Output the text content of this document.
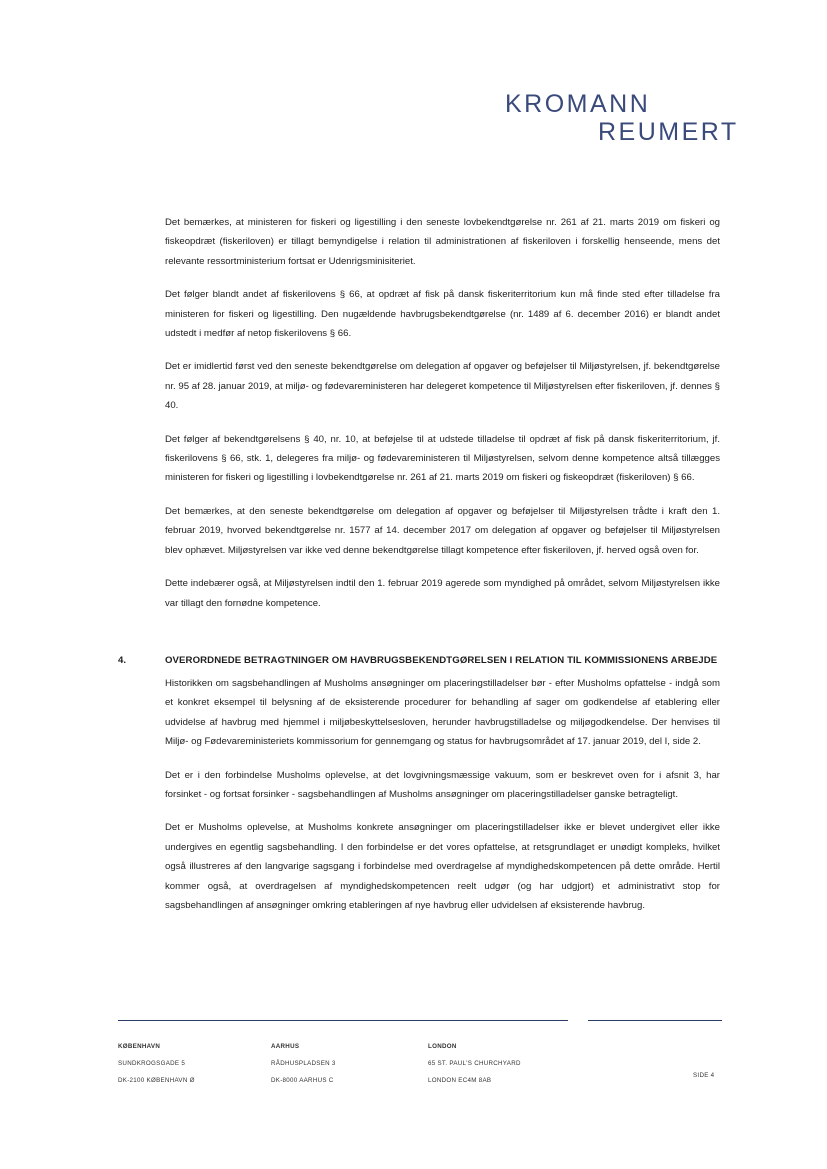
KROMANN
REUMERT

Det bemærkes, at ministeren for fiskeri og ligestilling i den seneste lovbekendtgørelse nr. 261 af 21. marts 2019 om fiskeri og fiskeopdræt (fiskeriloven) er tillagt bemyndigelse i relation til administrationen af fiskeriloven i forskellig henseende, mens det relevante ressortministerium fortsat er Udenrigsminisiteriet.

Det følger blandt andet af fiskerilovens § 66, at opdræt af fisk på dansk fiskeriterritorium kun må finde sted efter tilladelse fra ministeren for fiskeri og ligestilling. Den nugældende havbrugsbekendtgørelse (nr. 1489 af 6. december 2016) er blandt andet udstedt i medfør af netop fiskerilovens § 66.

Det er imidlertid først ved den seneste bekendtgørelse om delegation af opgaver og beføjelser til Miljøstyrelsen, jf. bekendtgørelse nr. 95 af 28. januar 2019, at miljø- og fødevareministeren har delegeret kompetence til Miljøstyrelsen efter fiskeriloven, jf. dennes § 40.

Det følger af bekendtgørelsens § 40, nr. 10, at beføjelse til at udstede tilladelse til opdræt af fisk på dansk fiskeriterritorium, jf. fiskerilovens § 66, stk. 1, delegeres fra miljø- og fødevareministeren til Miljøstyrelsen, selvom denne kompetence altså tillægges ministeren for fiskeri og ligestilling i lovbekendtgørelse nr. 261 af 21. marts 2019 om fiskeri og fiskeopdræt (fiskeriloven) § 66.

Det bemærkes, at den seneste bekendtgørelse om delegation af opgaver og beføjelser til Miljøstyrelsen trådte i kraft den 1. februar 2019, hvorved bekendtgørelse nr. 1577 af 14. december 2017 om delegation af opgaver og beføjelser til Miljøstyrelsen blev ophævet. Miljøstyrelsen var ikke ved denne bekendtgørelse tillagt kompetence efter fiskeriloven, jf. herved også oven for.

Dette indebærer også, at Miljøstyrelsen indtil den 1. februar 2019 agerede som myndighed på området, selvom Miljøstyrelsen ikke var tillagt den fornødne kompetence.

4.	OVERORDNEDE BETRAGTNINGER OM HAVBRUGSBEKENDTGØRELSEN I RELATION TIL KOMMISSIONENS ARBEJDE

Historikken om sagsbehandlingen af Musholms ansøgninger om placeringstilladelser bør - efter Musholms opfattelse - indgå som et konkret eksempel til belysning af de eksisterende procedurer for behandling af sager om godkendelse af etablering eller udvidelse af havbrug med hjemmel i miljøbeskyttelsesloven, herunder havbrugstilladelse og miljøgodkendelse. Der henvises til Miljø- og Fødevareministeriets kommissorium for gennemgang og status for havbrugsområdet af 17. januar 2019, del I, side 2.

Det er i den forbindelse Musholms oplevelse, at det lovgivningsmæssige vakuum, som er beskrevet oven for i afsnit 3, har forsinket - og fortsat forsinker - sagsbehandlingen af Musholms ansøgninger om placeringstilladelser ganske betragteligt.

Det er Musholms oplevelse, at Musholms konkrete ansøgninger om placeringstilladelser ikke er blevet undergivet eller ikke undergives en egentlig sagsbehandling. I den forbindelse er det vores opfattelse, at retsgrundlaget er unødigt kompleks, hvilket også illustreres af den langvarige sagsgang i forbindelse med overdragelse af myndighedskompetencen på dette område. Hertil kommer også, at overdragelsen af myndighedskompetencen reelt udgør (og har udgjort) et administrativt stop for sagsbehandlingen af ansøgninger omkring etableringen af nye havbrug eller udvidelsen af eksisterende havbrug.

KØBENHAVN
SUNDKROGSGADE 5
DK-2100 KØBENHAVN Ø
AARHUS
RÅDHUSPLADSEN 3
DK-8000 AARHUS C
LONDON
65 ST. PAUL'S CHURCHYARD
LONDON EC4M 8AB
SIDE 4
